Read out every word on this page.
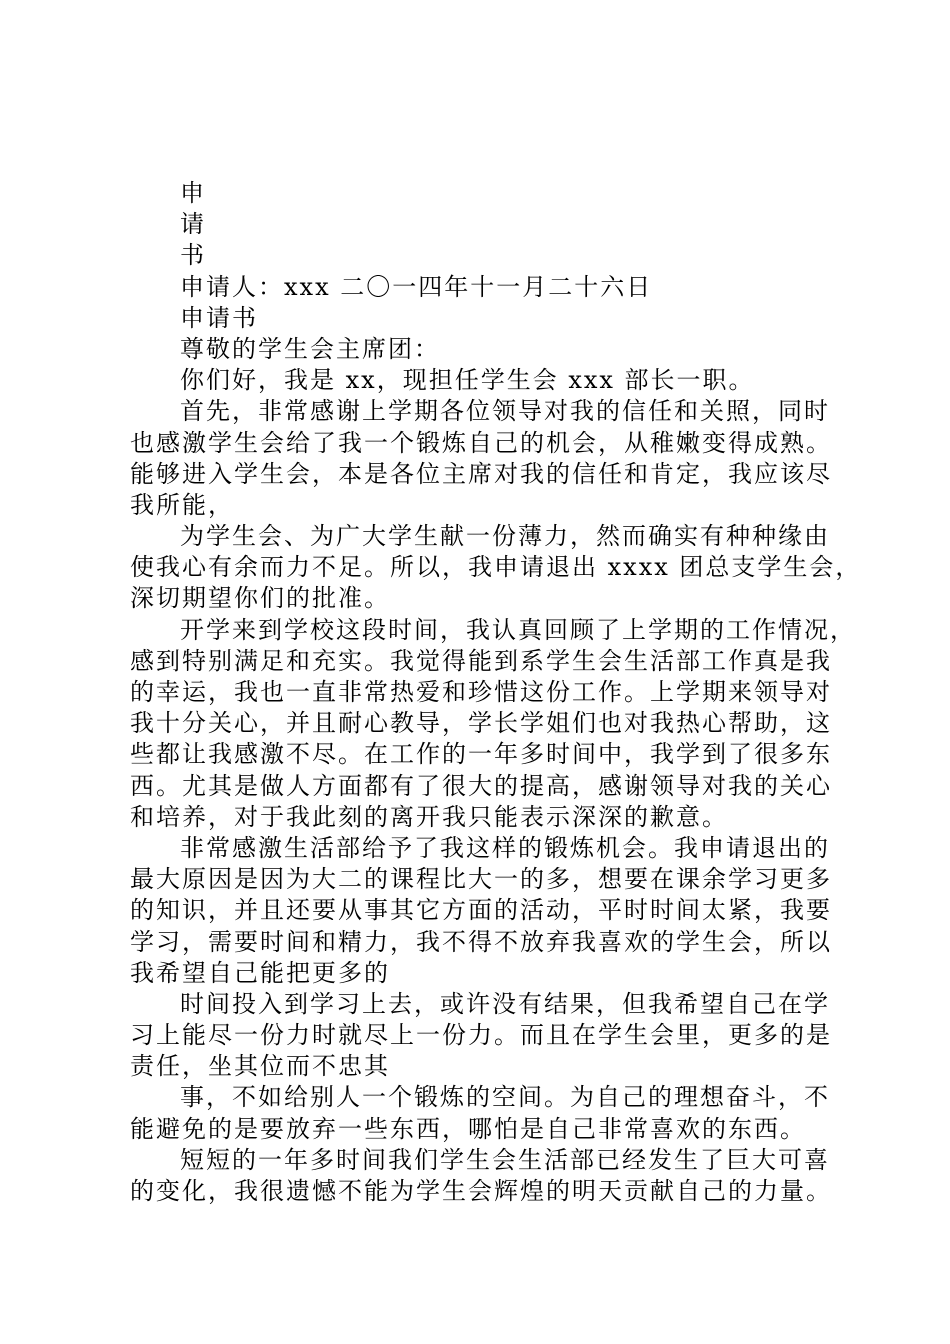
申
请
书
申请人：xxx 二〇一四年十一月二十六日
申请书
尊敬的学生会主席团：
你们好，我是 xx，现担任学生会 xxx 部长一职。
首先，非常感谢上学期各位领导对我的信任和关照，同时
也感激学生会给了我一个锻炼自己的机会，从稚嫩变得成熟。
能够进入学生会，本是各位主席对我的信任和肯定，我应该尽
我所能，
为学生会、为广大学生献一份薄力，然而确实有种种缘由
使我心有余而力不足。所以，我申请退出 xxxx 团总支学生会，
深切期望你们的批准。
开学来到学校这段时间，我认真回顾了上学期的工作情况，
感到特别满足和充实。我觉得能到系学生会生活部工作真是我
的幸运，我也一直非常热爱和珍惜这份工作。上学期来领导对
我十分关心，并且耐心教导，学长学姐们也对我热心帮助，这
些都让我感激不尽。在工作的一年多时间中，我学到了很多东
西。尤其是做人方面都有了很大的提高，感谢领导对我的关心
和培养，对于我此刻的离开我只能表示深深的歉意。
非常感激生活部给予了我这样的锻炼机会。我申请退出的
最大原因是因为大二的课程比大一的多，想要在课余学习更多
的知识，并且还要从事其它方面的活动，平时时间太紧，我要
学习，需要时间和精力，我不得不放弃我喜欢的学生会，所以
我希望自己能把更多的
时间投入到学习上去，或许没有结果，但我希望自己在学
习上能尽一份力时就尽上一份力。而且在学生会里，更多的是
责任，坐其位而不忠其
事，不如给别人一个锻炼的空间。为自己的理想奋斗，不
能避免的是要放弃一些东西，哪怕是自己非常喜欢的东西。
短短的一年多时间我们学生会生活部已经发生了巨大可喜
的变化，我很遗憾不能为学生会辉煌的明天贡献自己的力量。
